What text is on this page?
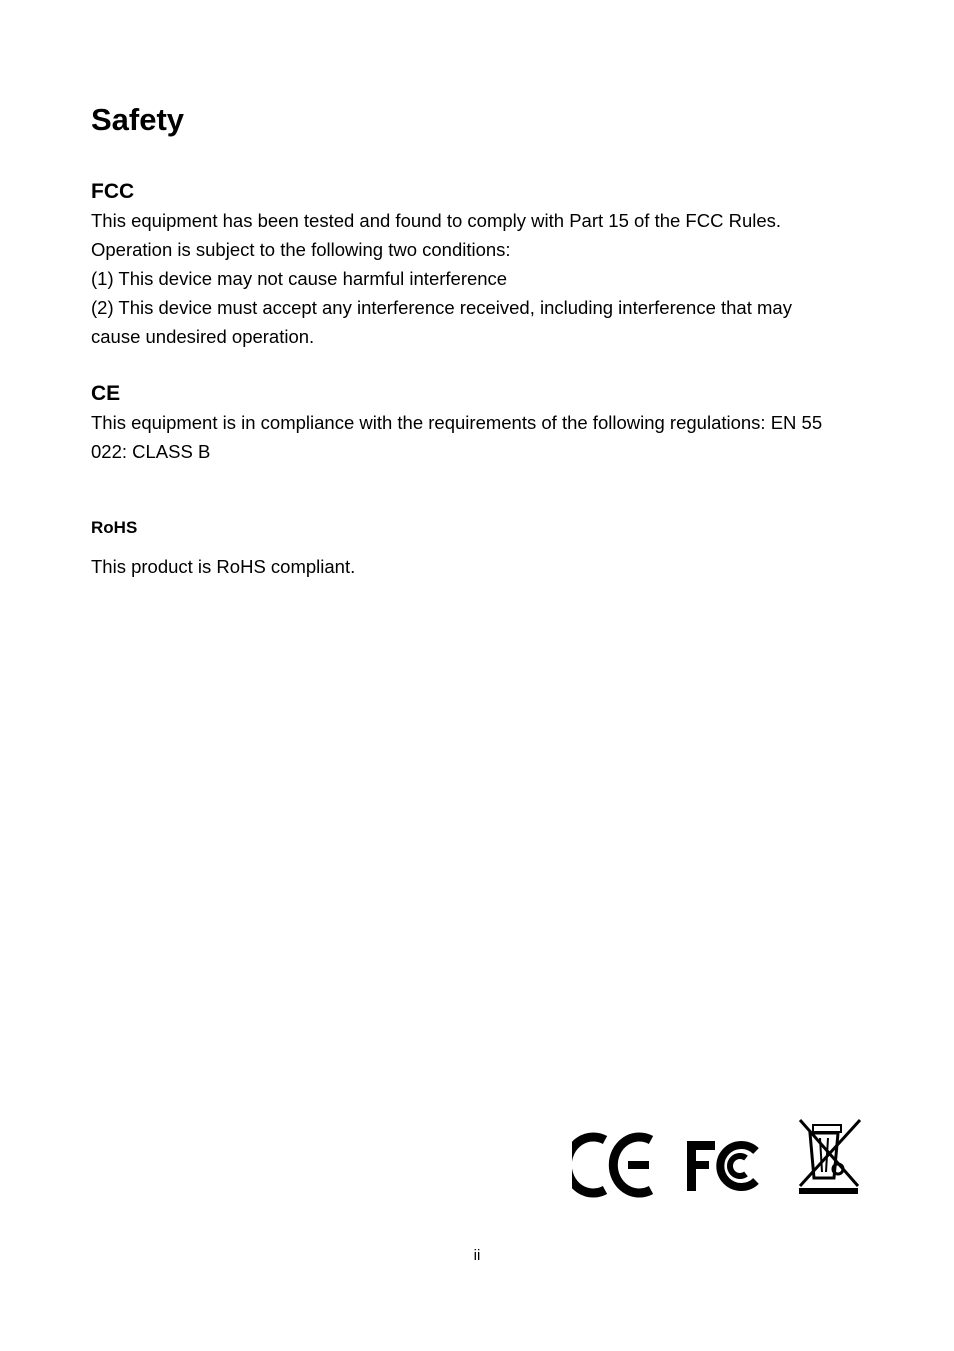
Safety
FCC
This equipment has been tested and found to comply with Part 15 of the FCC Rules.
Operation is subject to the following two conditions:
(1) This device may not cause harmful interference
(2) This device must accept any interference received, including interference that may
cause undesired operation.
CE
This equipment is in compliance with the requirements of the following regulations: EN 55
022: CLASS B
RoHS

This product is RoHS compliant.

ii
